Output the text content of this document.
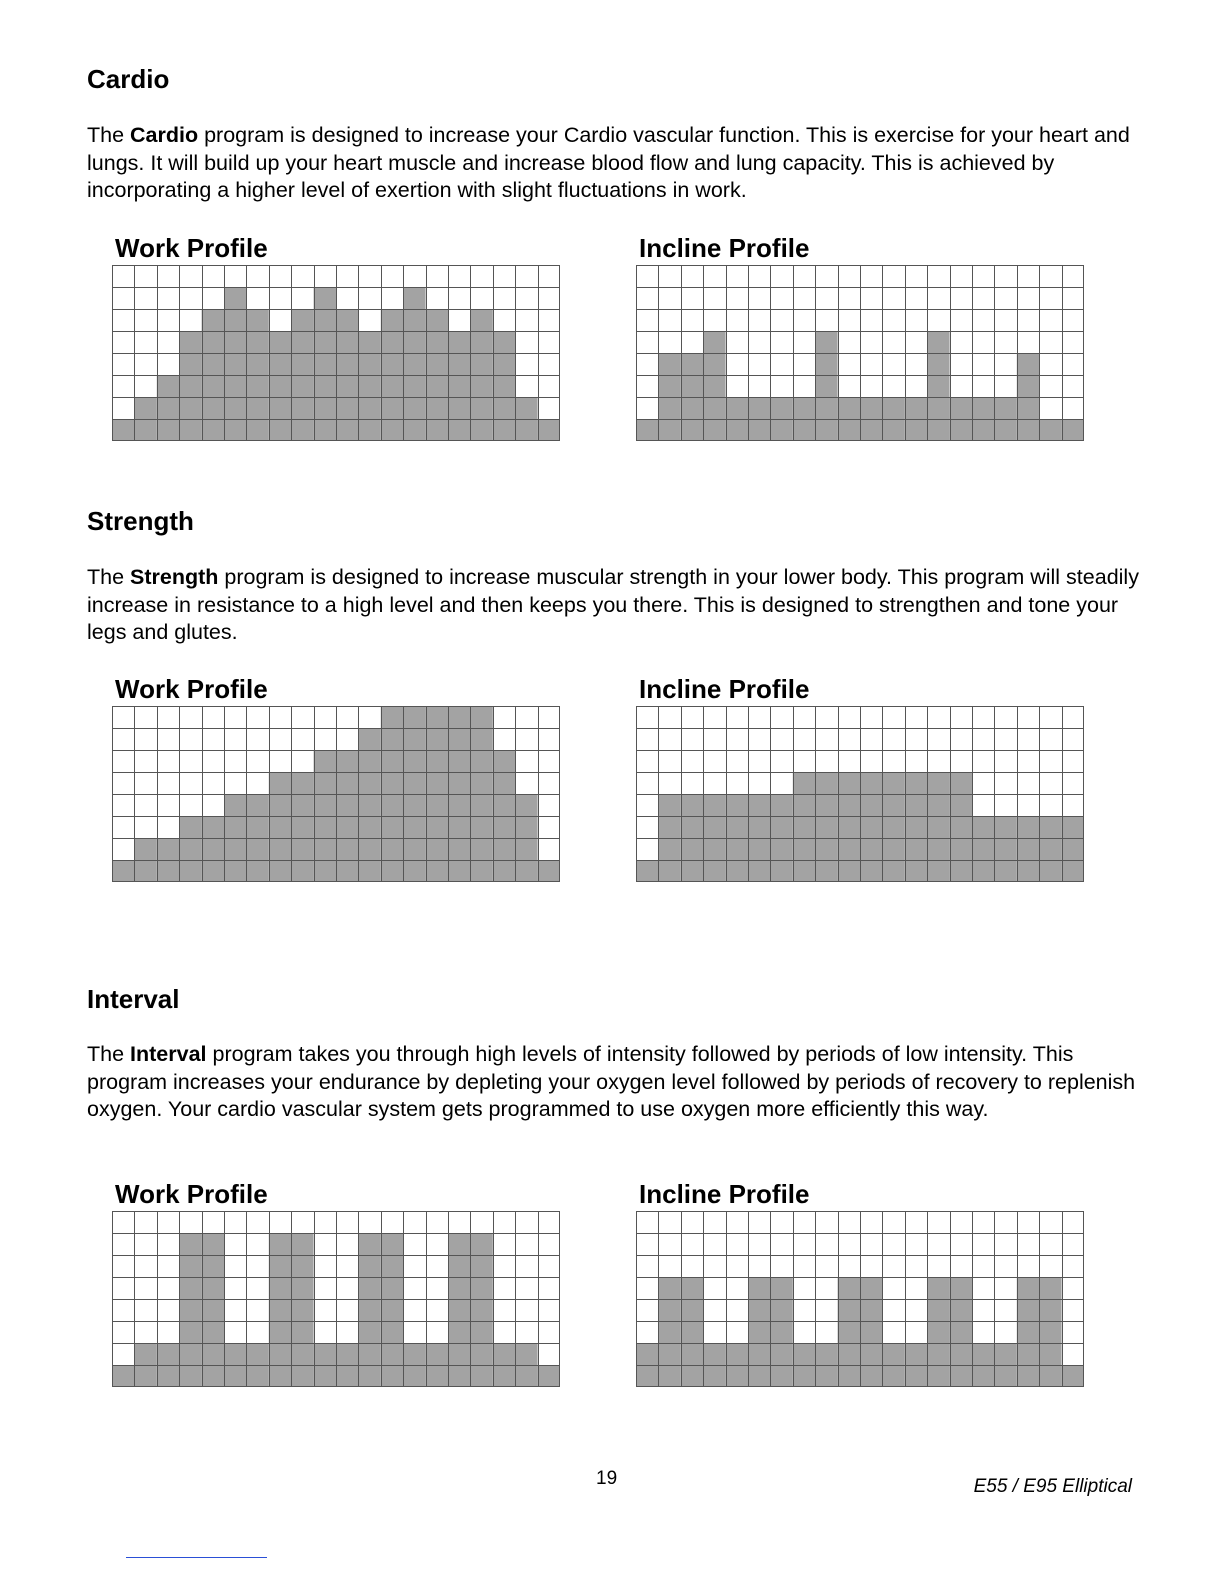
Cardio

The Cardio program is designed to increase your Cardio vascular function. This is exercise for your heart and lungs. It will build up your heart muscle and increase blood flow and lung capacity. This is achieved by incorporating a higher level of exertion with slight fluctuations in work.

Work Profile	Incline Profile
Strength

The Strength program is designed to increase muscular strength in your lower body. This program will steadily increase in resistance to a high level and then keeps you there. This is designed to strengthen and tone your legs and glutes.

Work Profile	Incline Profile
Interval

The Interval program takes you through high levels of intensity followed by periods of low intensity. This program increases your endurance by depleting your oxygen level followed by periods of recovery to replenish oxygen. Your cardio vascular system gets programmed to use oxygen more efficiently this way.

Work Profile	Incline Profile
19	E55 / E95 Elliptical
